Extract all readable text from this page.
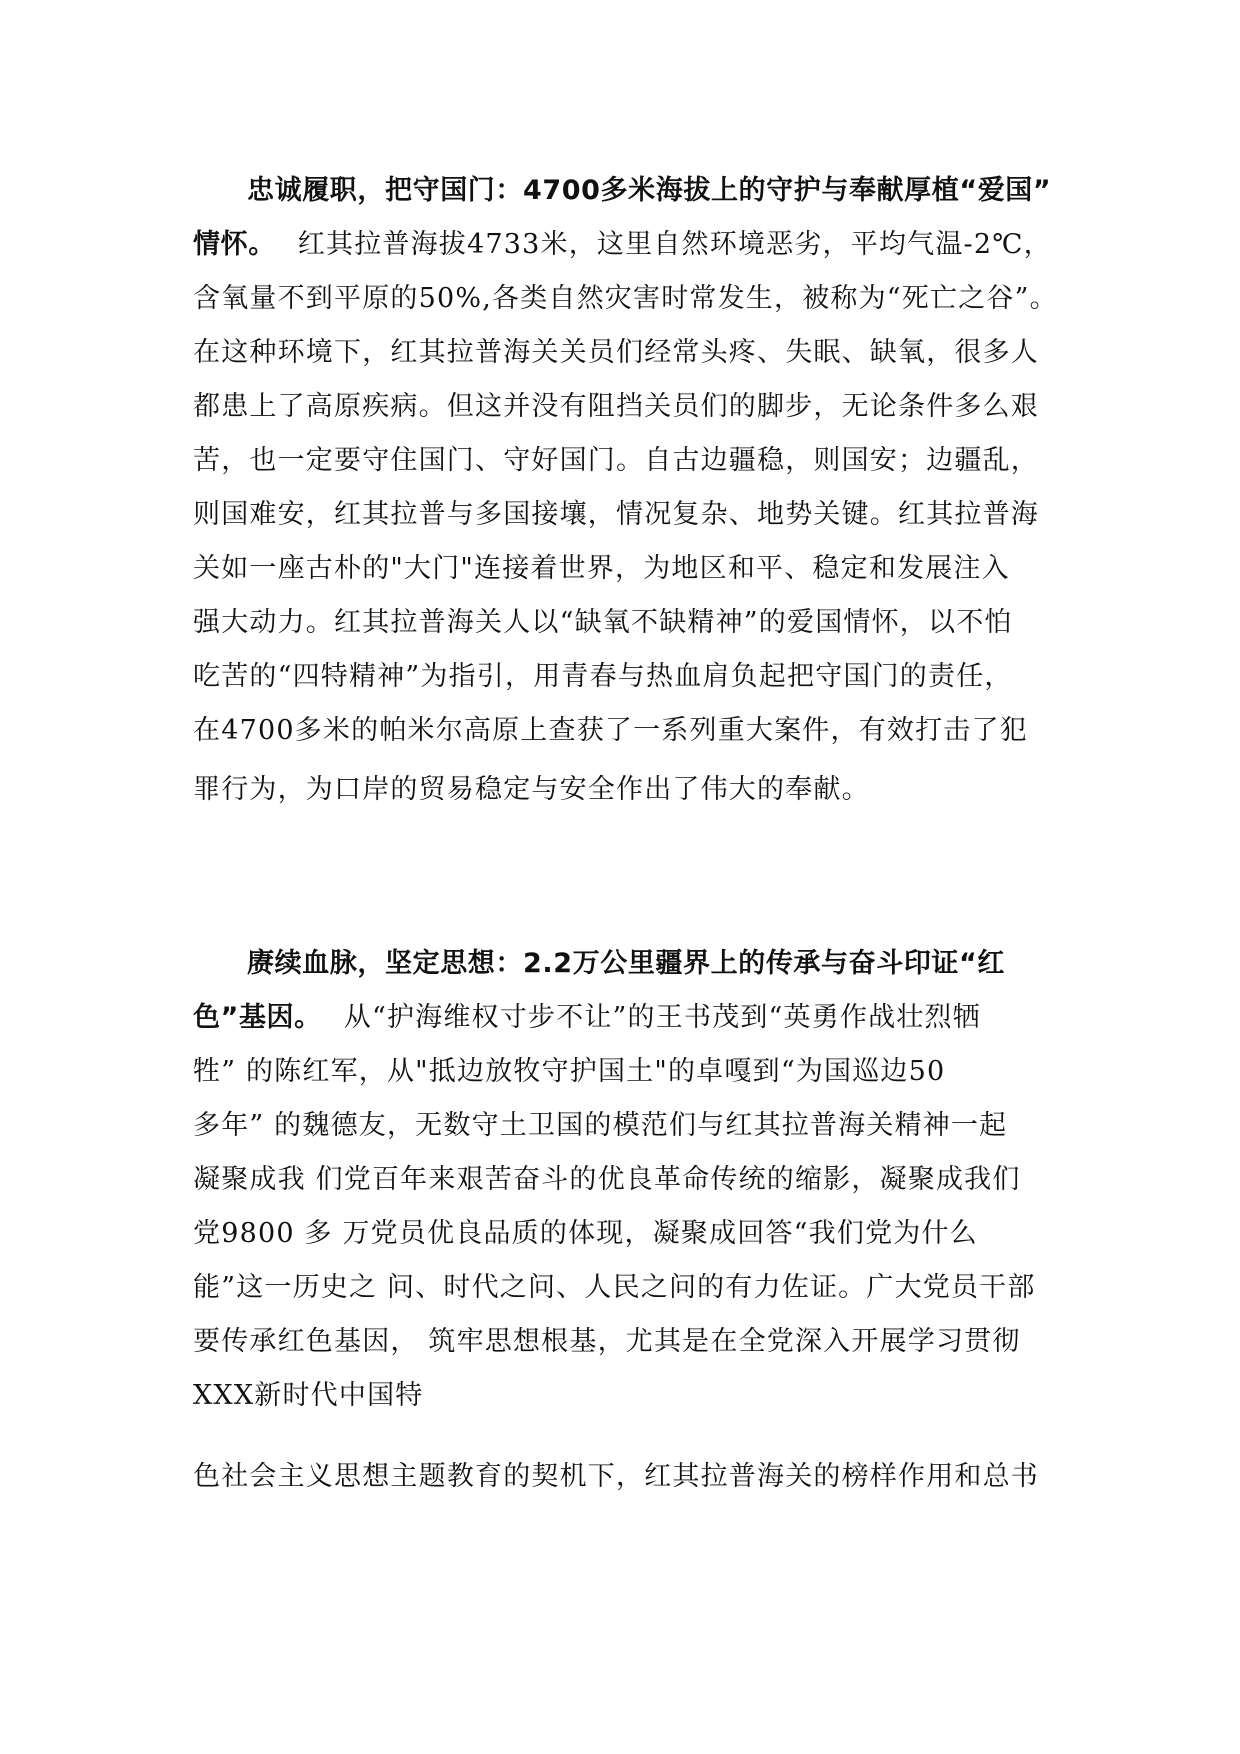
忠诚履职，把守国门：4700多米海拔上的守护与奉献厚植“爱国”
情怀。 红其拉普海拔4733米，这里自然环境恶劣，平均气温-2℃，
含氧量不到平原的50%,各类自然灾害时常发生，被称为“死亡之谷”。
在这种环境下，红其拉普海关关员们经常头疼、失眠、缺氧，很多人
都患上了高原疾病。但这并没有阻挡关员们的脚步，无论条件多么艰
苦，也一定要守住国门、守好国门。自古边疆稳，则国安；边疆乱，
则国难安，红其拉普与多国接壤，情况复杂、地势关键。红其拉普海
关如一座古朴的"大门"连接着世界，为地区和平、稳定和发展注入
强大动力。红其拉普海关人以“缺氧不缺精神”的爱国情怀，以不怕
吃苦的“四特精神”为指引，用青春与热血肩负起把守国门的责任，
在4700多米的帕米尔高原上查获了一系列重大案件，有效打击了犯
罪行为，为口岸的贸易稳定与安全作出了伟大的奉献。
赓续血脉，坚定思想：2.2万公里疆界上的传承与奋斗印证“红
色”基因。 从“护海维权寸步不让”的王书茂到“英勇作战壮烈牺
牲” 的陈红军，从"抵边放牧守护国土"的卓嘎到“为国巡边50
多年” 的魏德友，无数守土卫国的模范们与红其拉普海关精神一起
凝聚成我 们党百年来艰苦奋斗的优良革命传统的缩影，凝聚成我们
党9800 多 万党员优良品质的体现，凝聚成回答“我们党为什么
能”这一历史之 问、时代之问、人民之问的有力佐证。广大党员干部
要传承红色基因， 筑牢思想根基，尤其是在全党深入开展学习贯彻
XXX新时代中国特
色社会主义思想主题教育的契机下，红其拉普海关的榜样作用和总书
